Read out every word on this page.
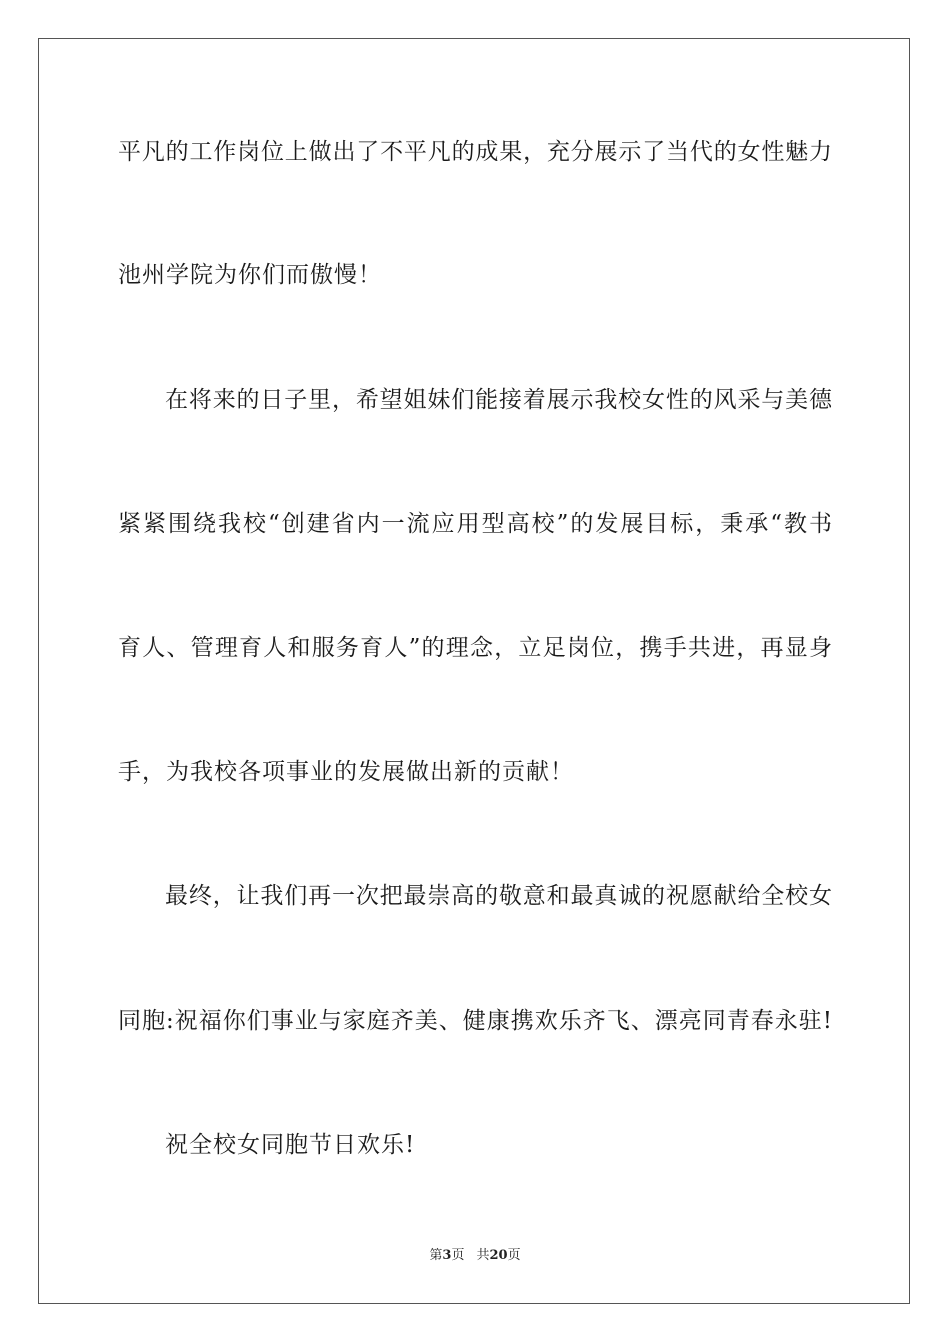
平凡的工作岗位上做出了不平凡的成果，充分展示了当代的女性魅力
池州学院为你们而傲慢！
在将来的日子里，希望姐妹们能接着展示我校女性的风采与美德
紧紧围绕我校“创建省内一流应用型高校”的发展目标，秉承“教书
育人、管理育人和服务育人”的理念，立足岗位，携手共进，再显身
手，为我校各项事业的发展做出新的贡献！
最终，让我们再一次把最崇高的敬意和最真诚的祝愿献给全校女
同胞:祝福你们事业与家庭齐美、健康携欢乐齐飞、漂亮同青春永驻!
祝全校女同胞节日欢乐!
第3页 共20页
